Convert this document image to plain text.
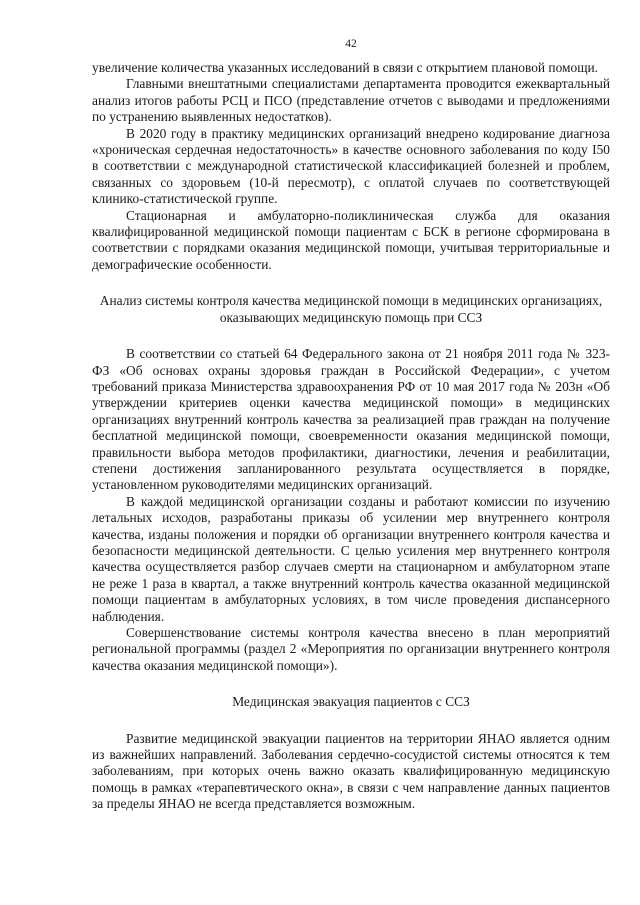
42

увеличение количества указанных исследований в связи с открытием плановой помощи.

Главными внештатными специалистами департамента проводится ежеквартальный анализ итогов работы РСЦ и ПСО (представление отчетов с выводами и предложениями по устранению выявленных недостатков).

В 2020 году в практику медицинских организаций внедрено кодирование диагноза «хроническая сердечная недостаточность» в качестве основного заболевания по коду I50 в соответствии с международной статистической классификацией болезней и проблем, связанных со здоровьем (10-й пересмотр), с оплатой случаев по соответствующей клинико-статистической группе.

Стационарная и амбулаторно-поликлиническая служба для оказания квалифицированной медицинской помощи пациентам с БСК в регионе сформирована в соответствии с порядками оказания медицинской помощи, учитывая территориальные и демографические особенности.

Анализ системы контроля качества медицинской помощи в медицинских организациях, оказывающих медицинскую помощь при ССЗ

В соответствии со статьей 64 Федерального закона от 21 ноября 2011 года № 323-ФЗ «Об основах охраны здоровья граждан в Российской Федерации», с учетом требований приказа Министерства здравоохранения РФ от 10 мая 2017 года № 203н «Об утверждении критериев оценки качества медицинской помощи» в медицинских организациях внутренний контроль качества за реализацией прав граждан на получение бесплатной медицинской помощи, своевременности оказания медицинской помощи, правильности выбора методов профилактики, диагностики, лечения и реабилитации, степени достижения запланированного результата осуществляется в порядке, установленном руководителями медицинских организаций.

В каждой медицинской организации созданы и работают комиссии по изучению летальных исходов, разработаны приказы об усилении мер внутреннего контроля качества, изданы положения и порядки об организации внутреннего контроля качества и безопасности медицинской деятельности. С целью усиления мер внутреннего контроля качества осуществляется разбор случаев смерти на стационарном и амбулаторном этапе не реже 1 раза в квартал, а также внутренний контроль качества оказанной медицинской помощи пациентам в амбулаторных условиях, в том числе проведения диспансерного наблюдения.

Совершенствование системы контроля качества внесено в план мероприятий региональной программы (раздел 2 «Мероприятия по организации внутреннего контроля качества оказания медицинской помощи»).

Медицинская эвакуация пациентов с ССЗ

Развитие медицинской эвакуации пациентов на территории ЯНАО является одним из важнейших направлений. Заболевания сердечно-сосудистой системы относятся к тем заболеваниям, при которых очень важно оказать квалифицированную медицинскую помощь в рамках «терапевтического окна», в связи с чем направление данных пациентов за пределы ЯНАО не всегда представляется возможным.
